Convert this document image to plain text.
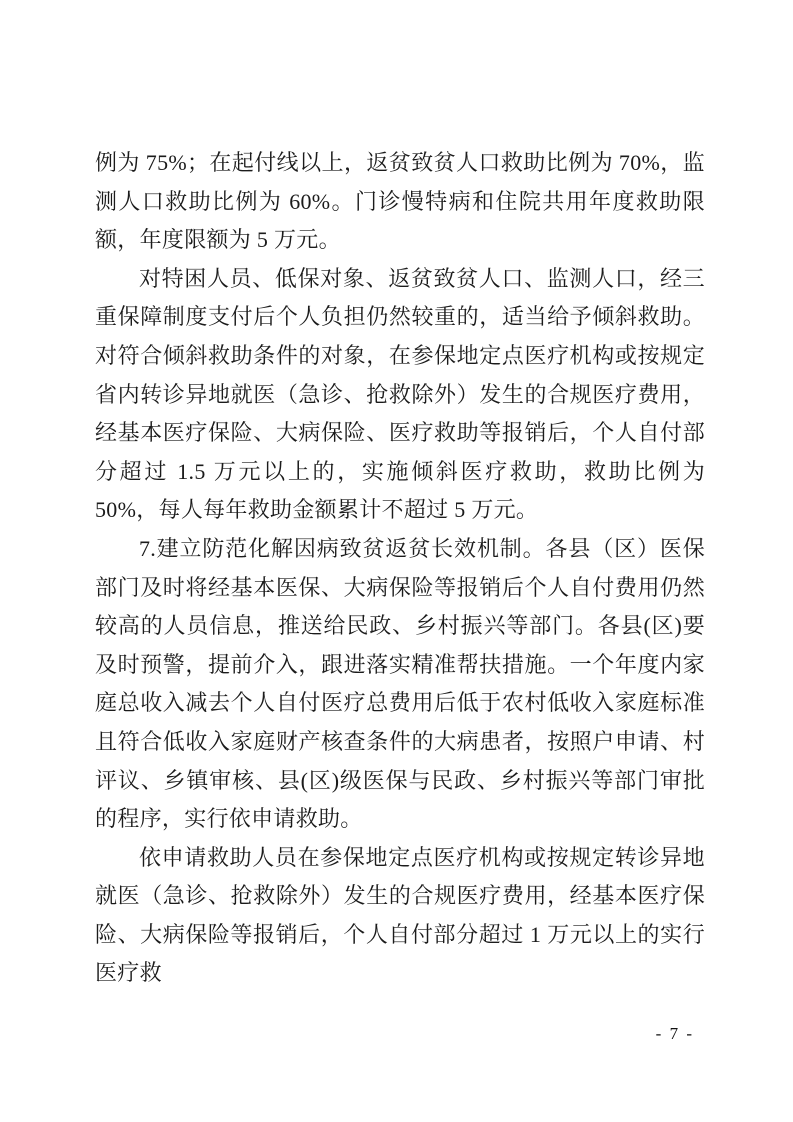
例为 75%；在起付线以上，返贫致贫人口救助比例为 70%，监测人口救助比例为 60%。门诊慢特病和住院共用年度救助限额，年度限额为 5 万元。

对特困人员、低保对象、返贫致贫人口、监测人口，经三重保障制度支付后个人负担仍然较重的，适当给予倾斜救助。对符合倾斜救助条件的对象，在参保地定点医疗机构或按规定省内转诊异地就医（急诊、抢救除外）发生的合规医疗费用，经基本医疗保险、大病保险、医疗救助等报销后，个人自付部分超过 1.5 万元以上的，实施倾斜医疗救助，救助比例为 50%，每人每年救助金额累计不超过 5 万元。

7.建立防范化解因病致贫返贫长效机制。各县（区）医保部门及时将经基本医保、大病保险等报销后个人自付费用仍然较高的人员信息，推送给民政、乡村振兴等部门。各县(区)要及时预警，提前介入，跟进落实精准帮扶措施。一个年度内家庭总收入减去个人自付医疗总费用后低于农村低收入家庭标准且符合低收入家庭财产核查条件的大病患者，按照户申请、村评议、乡镇审核、县(区)级医保与民政、乡村振兴等部门审批的程序，实行依申请救助。

依申请救助人员在参保地定点医疗机构或按规定转诊异地就医（急诊、抢救除外）发生的合规医疗费用，经基本医疗保险、大病保险等报销后，个人自付部分超过 1 万元以上的实行医疗救

- 7 -
